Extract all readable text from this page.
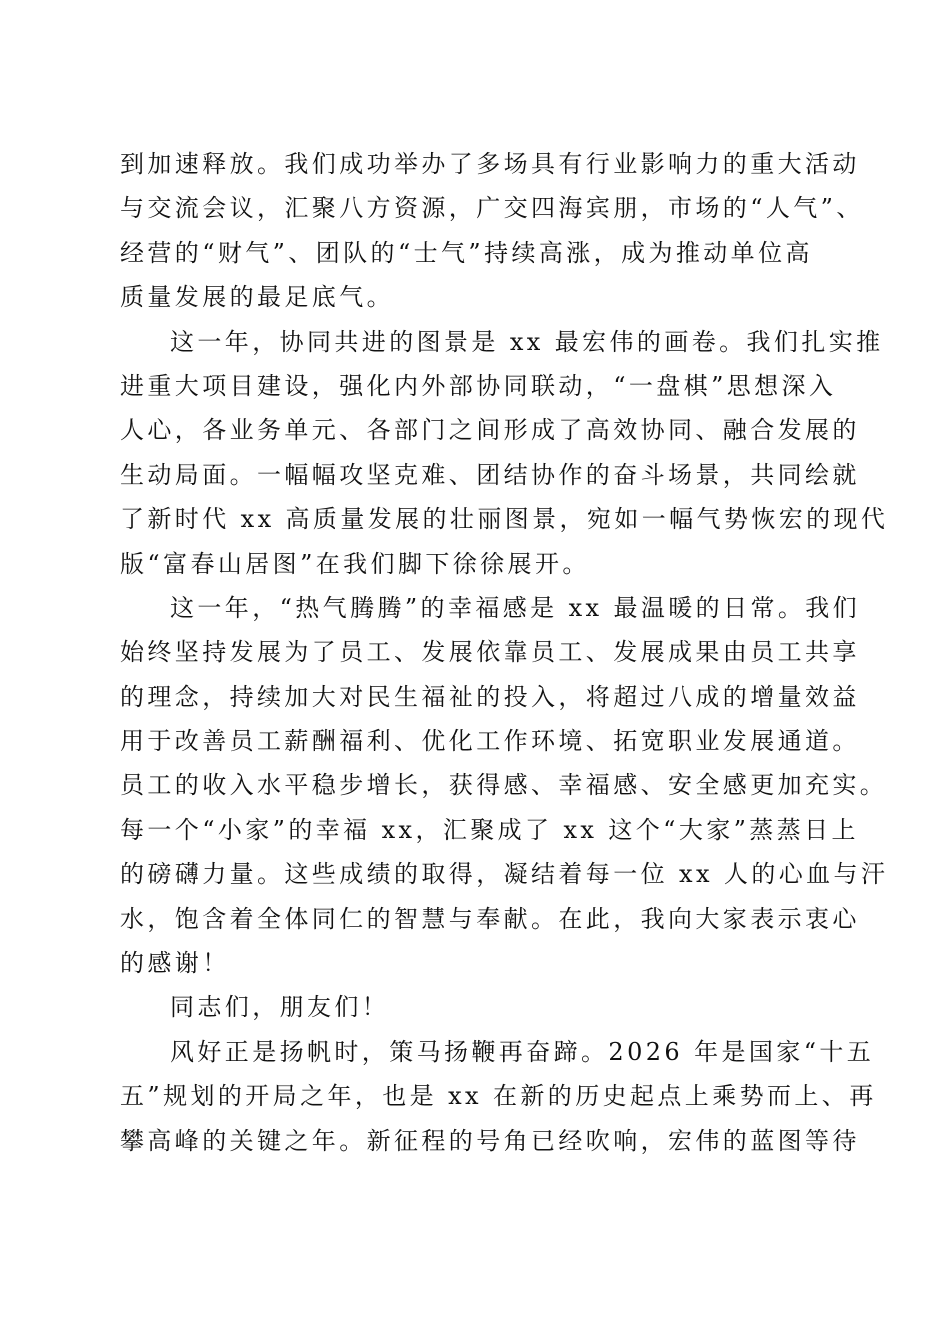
到加速释放。我们成功举办了多场具有行业影响力的重大活动
与交流会议，汇聚八方资源，广交四海宾朋，市场的“人气”、
经营的“财气”、团队的“士气”持续高涨，成为推动单位高
质量发展的最足底气。
这一年，协同共进的图景是 xx 最宏伟的画卷。我们扎实推
进重大项目建设，强化内外部协同联动，“一盘棋”思想深入
人心，各业务单元、各部门之间形成了高效协同、融合发展的
生动局面。一幅幅攻坚克难、团结协作的奋斗场景，共同绘就
了新时代 xx 高质量发展的壮丽图景，宛如一幅气势恢宏的现代
版“富春山居图”在我们脚下徐徐展开。
这一年，“热气腾腾”的幸福感是 xx 最温暖的日常。我们
始终坚持发展为了员工、发展依靠员工、发展成果由员工共享
的理念，持续加大对民生福祉的投入，将超过八成的增量效益
用于改善员工薪酬福利、优化工作环境、拓宽职业发展通道。
员工的收入水平稳步增长，获得感、幸福感、安全感更加充实。
每一个“小家”的幸福 xx，汇聚成了 xx 这个“大家”蒸蒸日上
的磅礴力量。这些成绩的取得，凝结着每一位 xx 人的心血与汗
水，饱含着全体同仁的智慧与奉献。在此，我向大家表示衷心
的感谢！
同志们，朋友们！
风好正是扬帆时，策马扬鞭再奋蹄。2026 年是国家“十五
五”规划的开局之年，也是 xx 在新的历史起点上乘势而上、再
攀高峰的关键之年。新征程的号角已经吹响，宏伟的蓝图等待
